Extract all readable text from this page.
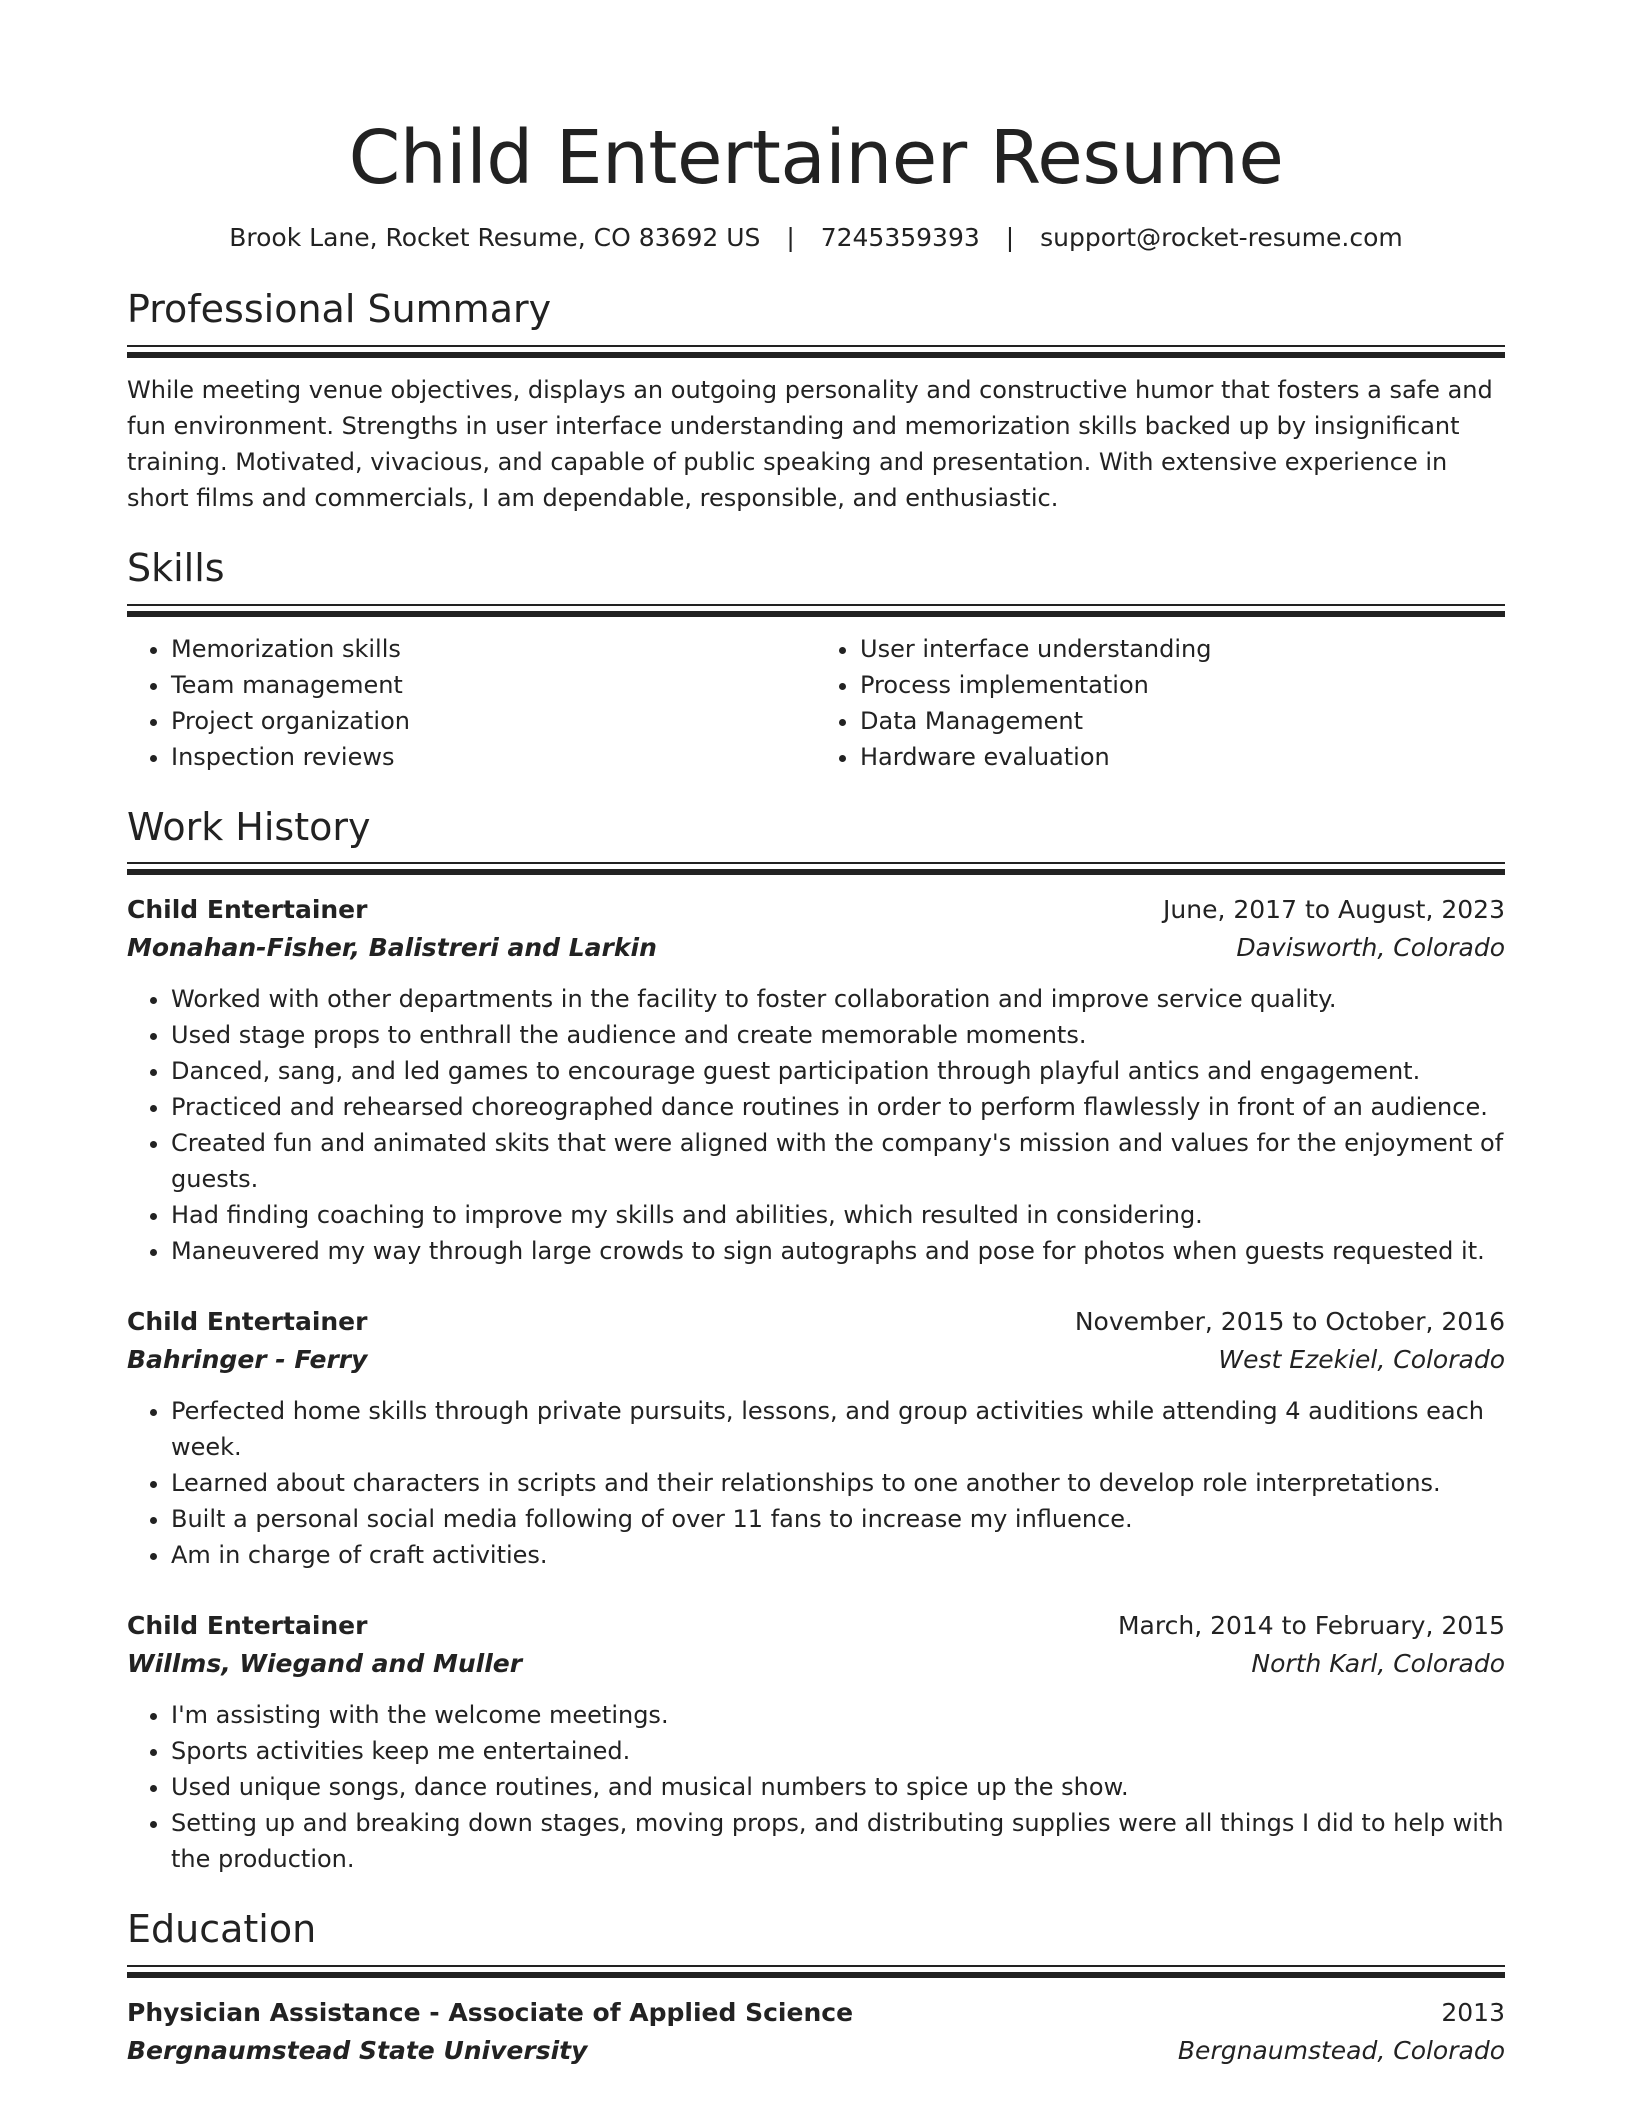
Child Entertainer Resume
Brook Lane, Rocket Resume, CO 83692 US | 7245359393 | support@rocket-resume.com
Professional Summary

While meeting venue objectives, displays an outgoing personality and constructive humor that fosters a safe and fun environment. Strengths in user interface understanding and memorization skills backed up by insignificant training. Motivated, vivacious, and capable of public speaking and presentation. With extensive experience in short films and commercials, I am dependable, responsible, and enthusiastic.

Skills
• Memorization skills
• Team management
• Project organization
• Inspection reviews
• User interface understanding
• Process implementation
• Data Management
• Hardware evaluation
Work History
Child Entertainer	June, 2017 to August, 2023
Monahan-Fisher, Balistreri and Larkin	Davisworth, Colorado
• Worked with other departments in the facility to foster collaboration and improve service quality.
• Used stage props to enthrall the audience and create memorable moments.
• Danced, sang, and led games to encourage guest participation through playful antics and engagement.
• Practiced and rehearsed choreographed dance routines in order to perform flawlessly in front of an audience.
• Created fun and animated skits that were aligned with the company's mission and values for the enjoyment of guests.
• Had finding coaching to improve my skills and abilities, which resulted in considering.
• Maneuvered my way through large crowds to sign autographs and pose for photos when guests requested it.
Child Entertainer	November, 2015 to October, 2016
Bahringer - Ferry	West Ezekiel, Colorado
• Perfected home skills through private pursuits, lessons, and group activities while attending 4 auditions each week.
• Learned about characters in scripts and their relationships to one another to develop role interpretations.
• Built a personal social media following of over 11 fans to increase my influence.
• Am in charge of craft activities.
Child Entertainer	March, 2014 to February, 2015
Willms, Wiegand and Muller	North Karl, Colorado
• I'm assisting with the welcome meetings.
• Sports activities keep me entertained.
• Used unique songs, dance routines, and musical numbers to spice up the show.
• Setting up and breaking down stages, moving props, and distributing supplies were all things I did to help with the production.
Education
Physician Assistance - Associate of Applied Science	2013
Bergnaumstead State University	Bergnaumstead, Colorado
